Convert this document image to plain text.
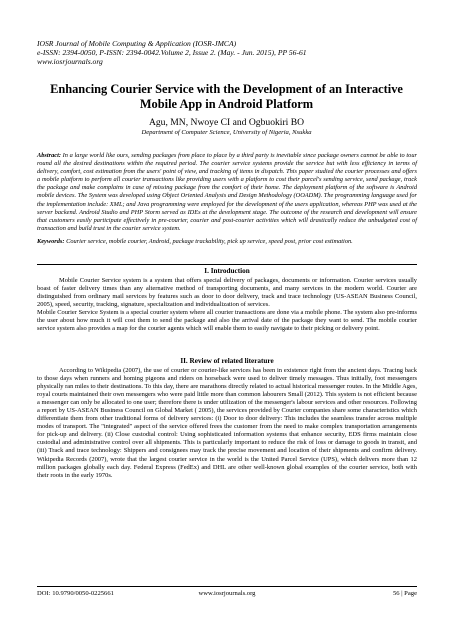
IOSR Journal of Mobile Computing & Application (IOSR-JMCA)
e-ISSN: 2394-0050, P-ISSN: 2394-0042.Volume 2, Issue 2. (May. - Jun. 2015), PP 56-61
www.iosrjournals.org
Enhancing Courier Service with the Development of an Interactive Mobile App in Android Platform
Agu, MN, Nwoye CI and Ogbuokiri BO
Department of Computer Science, University of Nigeria, Nsukka
Abstract: In a large world like ours, sending packages from place to place by a third party is inevitable since package owners cannot be able to tour round all the desired destinations within the required period. The courier service systems provide the service but with less efficiency in terms of delivery, comfort, cost estimation from the users' point of view, and tracking of items in dispatch. This paper studied the courier processes and offers a mobile platform to perform all courier transactions like providing users with a platform to cost their parcel's sending service, send package, track the package and make complains in case of missing package from the comfort of their home. The deployment platform of the software is Android mobile devices. The System was developed using Object Oriented Analysis and Design Methodology (OOADM). The programming language used for the implementation include: XML; and Java programming were employed for the development of the users application, whereas PHP was used at the server backend. Android Studio and PHP Storm served as IDEs at the development stage. The outcome of the research and development will ensure that customers easily participate effectively in pre-courier, courier and post-courier activities which will drastically reduce the unbudgeted cost of transaction and build trust in the courier service system.
Keywords: Courier service, mobile courier, Android, package trackability, pick up service, speed post, prior cost estimation.
I. Introduction

Mobile Courier Service system is a system that offers special delivery of packages, documents or information. Courier services usually boast of faster delivery times than any alternative method of transporting documents, and many services in the modern world. Courier are distinguished from ordinary mail services by features such as door to door delivery, track and trace technology (US-ASEAN Business Council, 2005), speed, security, tracking, signature, specialization and individualization of services.

Mobile Courier Service System is a special courier system where all courier transactions are done via a mobile phone. The system also pre-informs the user about how much it will cost them to send the package and also the arrival date of the package they want to send. The mobile courier service system also provides a map for the courier agents which will enable them to easily navigate to their picking or delivery point.

II. Review of related literature

According to Wikipedia (2007), the use of courier or courier-like services has been in existence right from the ancient days. Tracing back to those days when runners and homing pigeons and riders on horseback were used to deliver timely messages. Thus initially, foot messengers physically ran miles to their destinations. To this day, there are marathons directly related to actual historical messenger routes. In the Middle Ages, royal courts maintained their own messengers who were paid little more than common labourers Small (2012). This system is not efficient because a messenger can only be allocated to one user; therefore there is under utilization of the messenger's labour services and other resources. Following a report by US-ASEAN Business Council on Global Market ( 2005), the services provided by Courier companies share some characteristics which differentiate them from other traditional forms of delivery services: (i) Door to door delivery: This includes the seamless transfer across multiple modes of transport. The "integrated" aspect of the service offered frees the customer from the need to make complex transportation arrangements for pick-up and delivery. (ii) Close custodial control: Using sophisticated information systems that enhance security, EDS firms maintain close custodial and administrative control over all shipments. This is particularly important to reduce the risk of loss or damage to goods in transit, and (iii) Track and trace technology: Shippers and consignees may track the precise movement and location of their shipments and confirm delivery. Wikipedia Records (2007), wrote that the largest courier service in the world is the United Parcel Service (UPS), which delivers more than 12 million packages globally each day. Federal Express (FedEx) and DHL are other well-known global examples of the courier service, both with their roots in the early 1970s.

DOI: 10.9790/0050-0225661	www.iosrjournals.org	56 | Page
